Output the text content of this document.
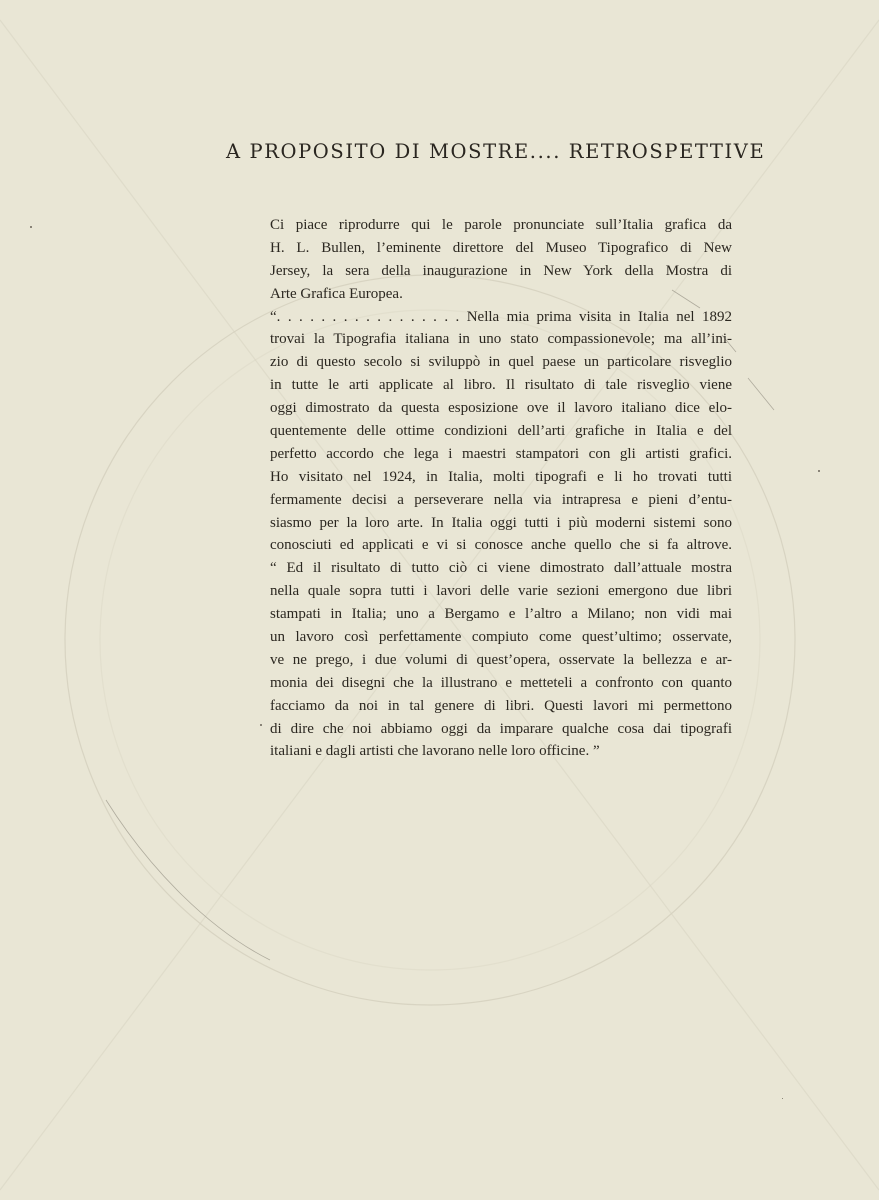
A PROPOSITO DI MOSTRE.... RETROSPETTIVE
Ci piace riprodurre qui le parole pronunciate sull’Italia grafica da
H. L. Bullen, l’eminente direttore del Museo Tipografico di New
Jersey, la sera della inaugurazione in New York della Mostra di
Arte Grafica Europea.
“. . . . . . . . . . . . . . . . . Nella mia prima visita in Italia nel 1892
trovai la Tipografia italiana in uno stato compassionevole; ma all’ini-
zio di questo secolo si sviluppò in quel paese un particolare risveglio
in tutte le arti applicate al libro. Il risultato di tale risveglio viene
oggi dimostrato da questa esposizione ove il lavoro italiano dice elo-
quentemente delle ottime condizioni dell’arti grafiche in Italia e del
perfetto accordo che lega i maestri stampatori con gli artisti grafici.
Ho visitato nel 1924, in Italia, molti tipografi e li ho trovati tutti
fermamente decisi a perseverare nella via intrapresa e pieni d’entu-
siasmo per la loro arte. In Italia oggi tutti i più moderni sistemi sono
conosciuti ed applicati e vi si conosce anche quello che si fa altrove.
“ Ed il risultato di tutto ciò ci viene dimostrato dall’attuale mostra
nella quale sopra tutti i lavori delle varie sezioni emergono due libri
stampati in Italia; uno a Bergamo e l’altro a Milano; non vidi mai
un lavoro così perfettamente compiuto come quest’ultimo; osservate,
ve ne prego, i due volumi di quest’opera, osservate la bellezza e ar-
monia dei disegni che la illustrano e metteteli a confronto con quanto
facciamo da noi in tal genere di libri. Questi lavori mi permettono
di dire che noi abbiamo oggi da imparare qualche cosa dai tipografi
italiani e dagli artisti che lavorano nelle loro officine. ”
